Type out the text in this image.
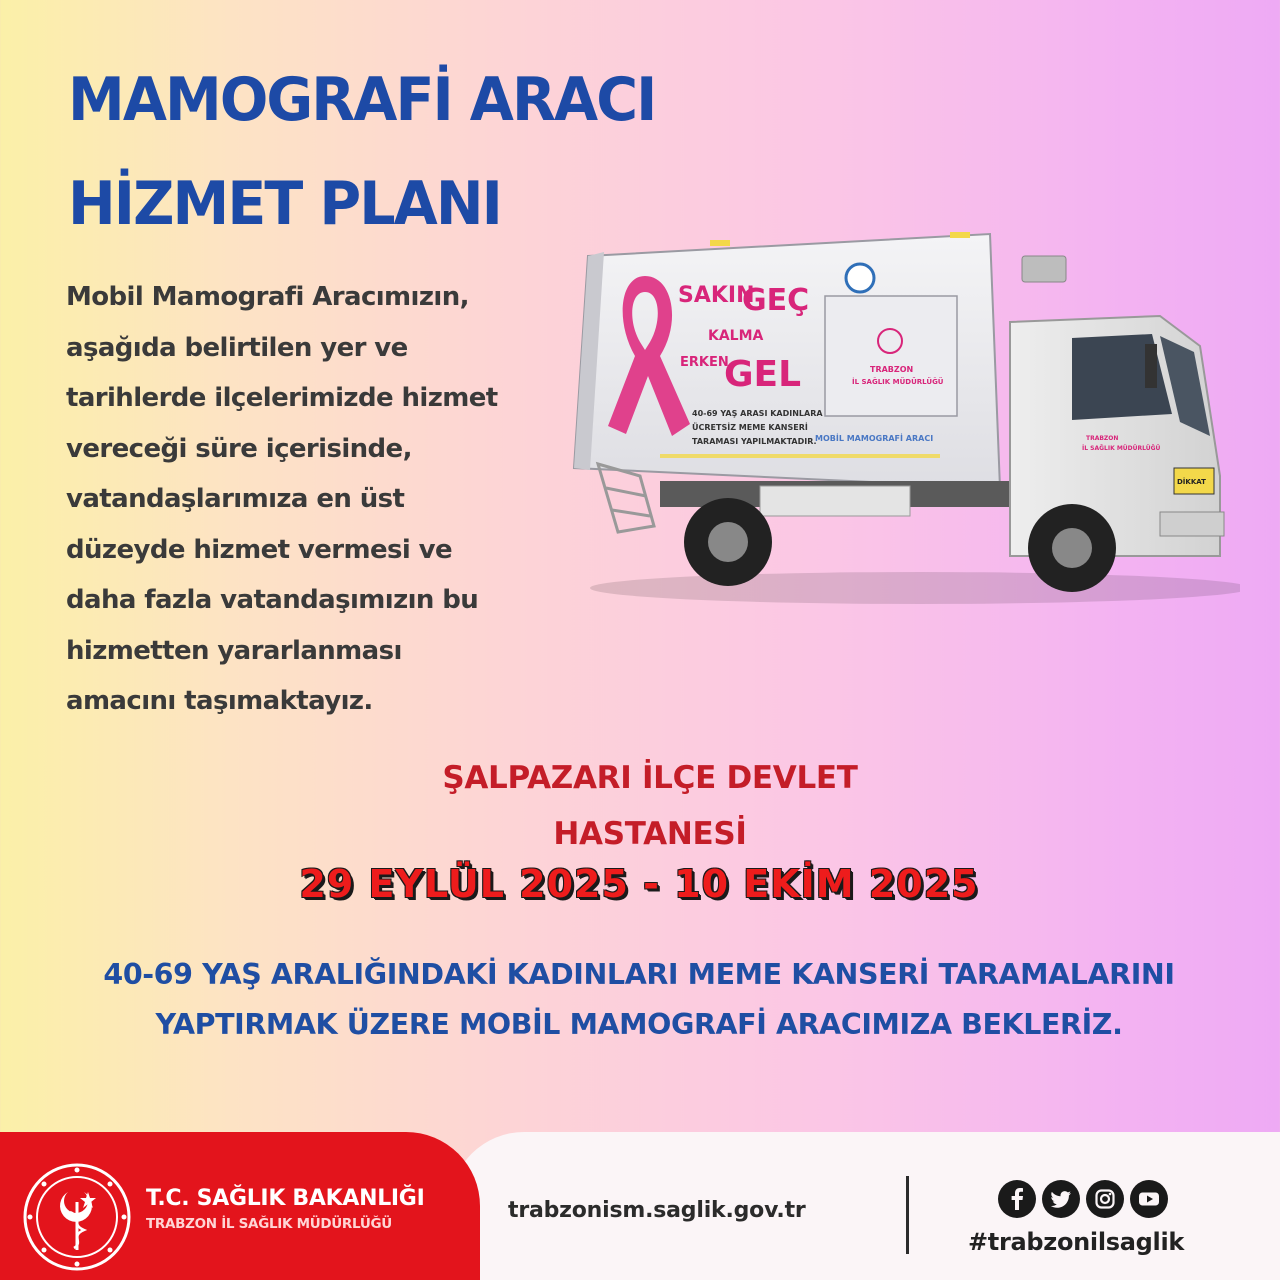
MAMOGRAFİ ARACI
HİZMET PLANI

Mobil Mamografi Aracımızın,
aşağıda belirtilen yer ve
tarihlerde ilçelerimizde hizmet
vereceği süre içerisinde,
vatandaşlarımıza en üst
düzeyde hizmet vermesi ve
daha fazla vatandaşımızın bu
hizmetten yararlanması
amacını taşımaktayız.

SAKIN
GEÇ
KALMA
ERKEN
GEL
40-69 YAŞ ARASI KADINLARA
ÜCRETSİZ MEME KANSERİ
TARAMASI YAPILMAKTADIR.
TRABZON
İL SAĞLIK MÜDÜRLÜĞÜ
MOBİL MAMOGRAFİ ARACI	TRABZON
İL SAĞLIK MÜDÜRLÜĞÜ
DİKKAT

ŞALPAZARI İLÇE DEVLET

HASTANESİ

29 EYLÜL 2025 - 10 EKİM 2025

40-69 YAŞ ARALIĞINDAKİ KADINLARI MEME KANSERİ TARAMALARINI

YAPTIRMAK ÜZERE MOBİL MAMOGRAFİ ARACIMIZA BEKLERİZ.

T.C. SAĞLIK BAKANLIĞI

TRABZON İL SAĞLIK MÜDÜRLÜĞÜ

trabzonism.saglik.gov.tr

#trabzonilsaglik
